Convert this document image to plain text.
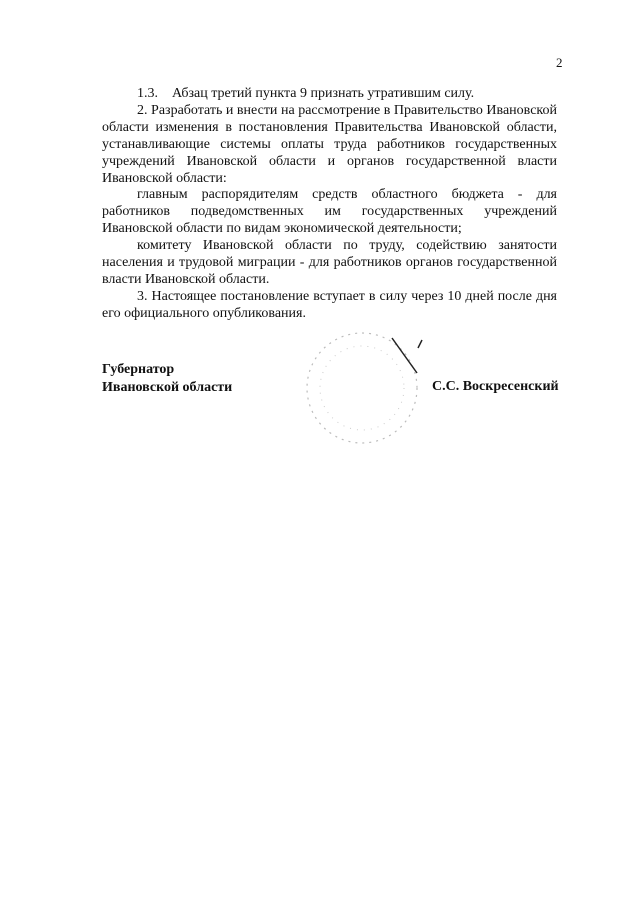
2

1.3.    Абзац третий пункта 9 признать утратившим силу.

2. Разработать и внести на рассмотрение в Правительство Ивановской области изменения в постановления Правительства Ивановской области, устанавливающие системы оплаты труда работников государственных учреждений Ивановской области и органов государственной власти Ивановской области:

главным распорядителям средств областного бюджета - для работников подведомственных им государственных учреждений Ивановской области по видам экономической деятельности;

комитету Ивановской области по труду, содействию занятости населения и трудовой миграции - для работников органов государственной власти Ивановской области.

3. Настоящее постановление вступает в силу через 10 дней после дня его официального опубликования.

Губернатор
Ивановской области	С.С. Воскресенский
